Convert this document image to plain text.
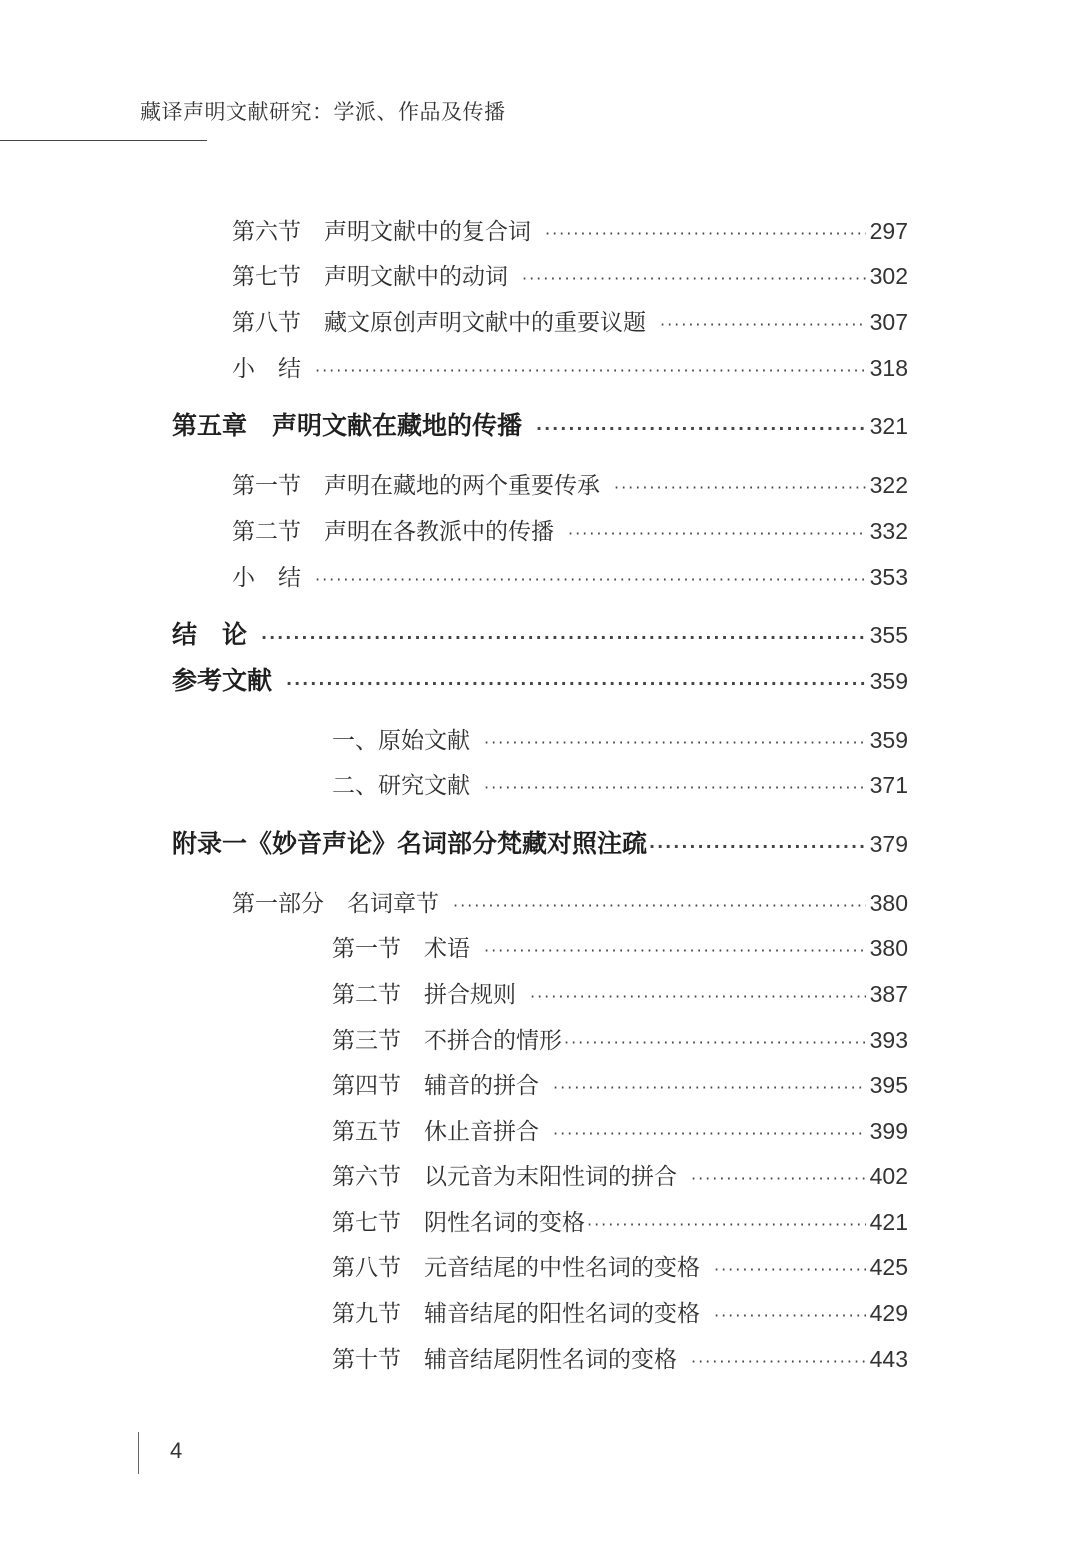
藏译声明文献研究：学派、作品及传播
第六节　声明文献中的复合词 ·····	297
第七节　声明文献中的动词 ·····	302
第八节　藏文原创声明文献中的重要议题 ·····	307
小　结 ·····	318
第五章　声明文献在藏地的传播 ·····	321
第一节　声明在藏地的两个重要传承 ·····	322
第二节　声明在各教派中的传播 ·····	332
小　结 ·····	353
结　论 ·····	355
参考文献 ·····	359
一、原始文献 ·····	359
二、研究文献 ·····	371
附录一《妙音声论》名词部分梵藏对照注疏 ·····	379
第一部分　名词章节 ·····	380
第一节　术语 ·····	380
第二节　拼合规则 ·····	387
第三节　不拼合的情形 ·····	393
第四节　辅音的拼合 ·····	395
第五节　休止音拼合 ·····	399
第六节　以元音为末阳性词的拼合 ·····	402
第七节　阴性名词的变格 ·····	421
第八节　元音结尾的中性名词的变格 ·····	425
第九节　辅音结尾的阳性名词的变格 ·····	429
第十节　辅音结尾阴性名词的变格 ·····	443
4
